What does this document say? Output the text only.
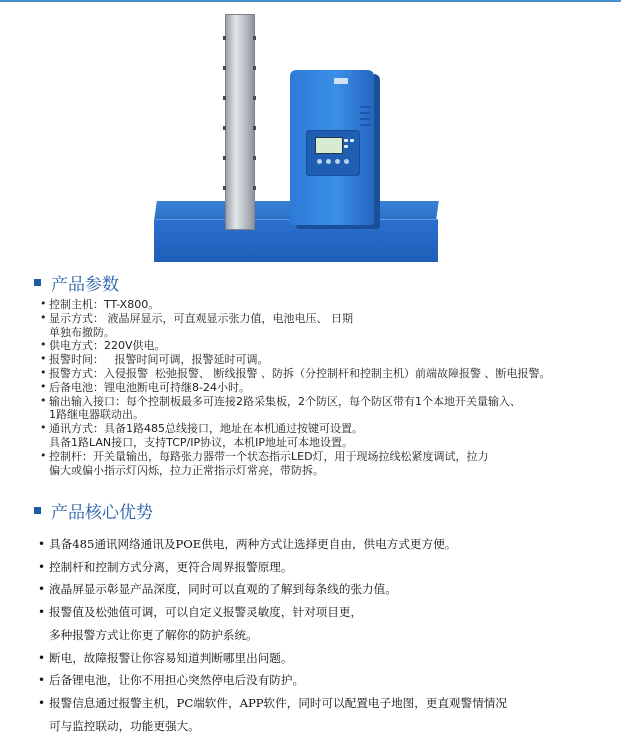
产品参数
• 控制主机：TT-X800。
• 显示方式： 液晶屏显示，可直观显示张力值，电池电压、 日期
单独布撤防。
• 供电方式：220V供电。
• 报警时间：   报警时间可调，报警延时可调。
• 报警方式：入侵报警  松弛报警、 断线报警 、防拆（分控制杆和控制主机）前端故障报警 、断电报警。
• 后备电池：锂电池断电可持继8-24小时。
• 输出输入接口：每个控制板最多可连接2路采集板，2个防区，每个防区带有1个本地开关量输入、
1路继电器联动出。
• 通讯方式：具备1路485总线接口，地址在本机通过按键可设置。
具备1路LAN接口，支持TCP/IP协议，本机IP地址可本地设置。
• 控制杆：开关量输出，每路张力器带一个状态指示LED灯，用于现场拉线松紧度调试，拉力
偏大或偏小指示灯闪烁，拉力正常指示灯常亮，带防拆。
产品核心优势
• 具备485通讯网络通讯及POE供电，两种方式让选择更自由，供电方式更方便。
• 控制杆和控制方式分离，更符合周界报警原理。
• 液晶屏显示彰显产品深度，同时可以直观的了解到每条线的张力值。
• 报警值及松弛值可调，可以自定义报警灵敏度，针对项目更，
多种报警方式让你更了解你的防护系统。
• 断电，故障报警让你容易知道判断哪里出问题。
• 后备锂电池，让你不用担心突然停电后没有防护。
• 报警信息通过报警主机，PC端软件，APP软件，同时可以配置电子地图，更直观警情情况
可与监控联动，功能更强大。
